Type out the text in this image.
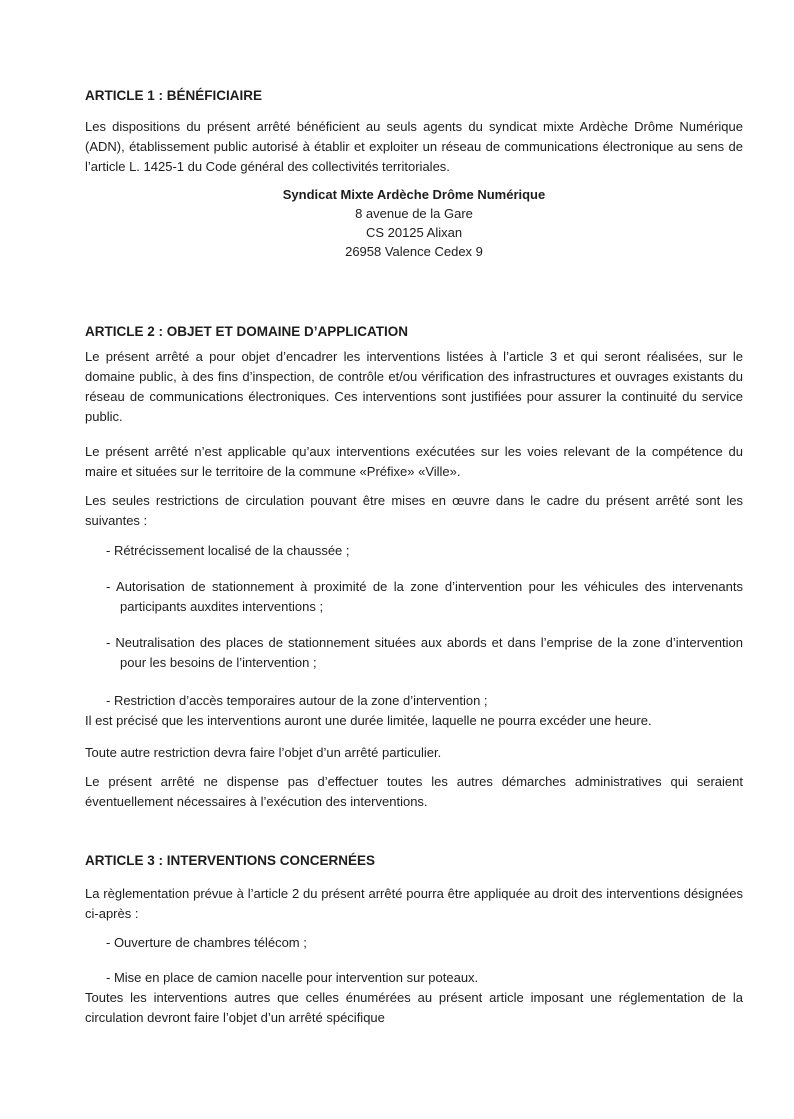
ARTICLE 1 : BÉNÉFICIAIRE

Les dispositions du présent arrêté bénéficient au seuls agents du syndicat mixte Ardèche Drôme Numérique (ADN), établissement public autorisé à établir et exploiter un réseau de communications électronique au sens de l’article L. 1425-1 du Code général des collectivités territoriales.

Syndicat Mixte Ardèche Drôme Numérique
8 avenue de la Gare
CS 20125 Alixan
26958 Valence Cedex 9

ARTICLE 2 : OBJET ET DOMAINE D’APPLICATION

Le présent arrêté a pour objet d’encadrer les interventions listées à l’article 3 et qui seront réalisées, sur le domaine public, à des fins d’inspection, de contrôle et/ou vérification des infrastructures et ouvrages existants du réseau de communications électroniques. Ces interventions sont justifiées pour assurer la continuité du service public.

Le présent arrêté n’est applicable qu’aux interventions exécutées sur les voies relevant de la compétence du maire et situées sur le territoire de la commune «Préfixe» «Ville».

Les seules restrictions de circulation pouvant être mises en œuvre dans le cadre du présent arrêté sont les suivantes :

- Rétrécissement localisé de la chaussée ;

- Autorisation de stationnement à proximité de la zone d’intervention pour les véhicules des intervenants participants auxdites interventions ;

- Neutralisation des places de stationnement situées aux abords et dans l’emprise de la zone d’intervention pour les besoins de l’intervention ;

- Restriction d’accès temporaires autour de la zone d’intervention ;

Il est précisé que les interventions auront une durée limitée, laquelle ne pourra excéder une heure.

Toute autre restriction devra faire l’objet d’un arrêté particulier.

Le présent arrêté ne dispense pas d’effectuer toutes les autres démarches administratives qui seraient éventuellement nécessaires à l’exécution des interventions.

ARTICLE 3 : INTERVENTIONS CONCERNÉES

La règlementation prévue à l’article 2 du présent arrêté pourra être appliquée au droit des interventions désignées ci-après :

- Ouverture de chambres télécom ;

- Mise en place de camion nacelle pour intervention sur poteaux.

Toutes les interventions autres que celles énumérées au présent article imposant une réglementation de la circulation devront faire l’objet d’un arrêté spécifique
